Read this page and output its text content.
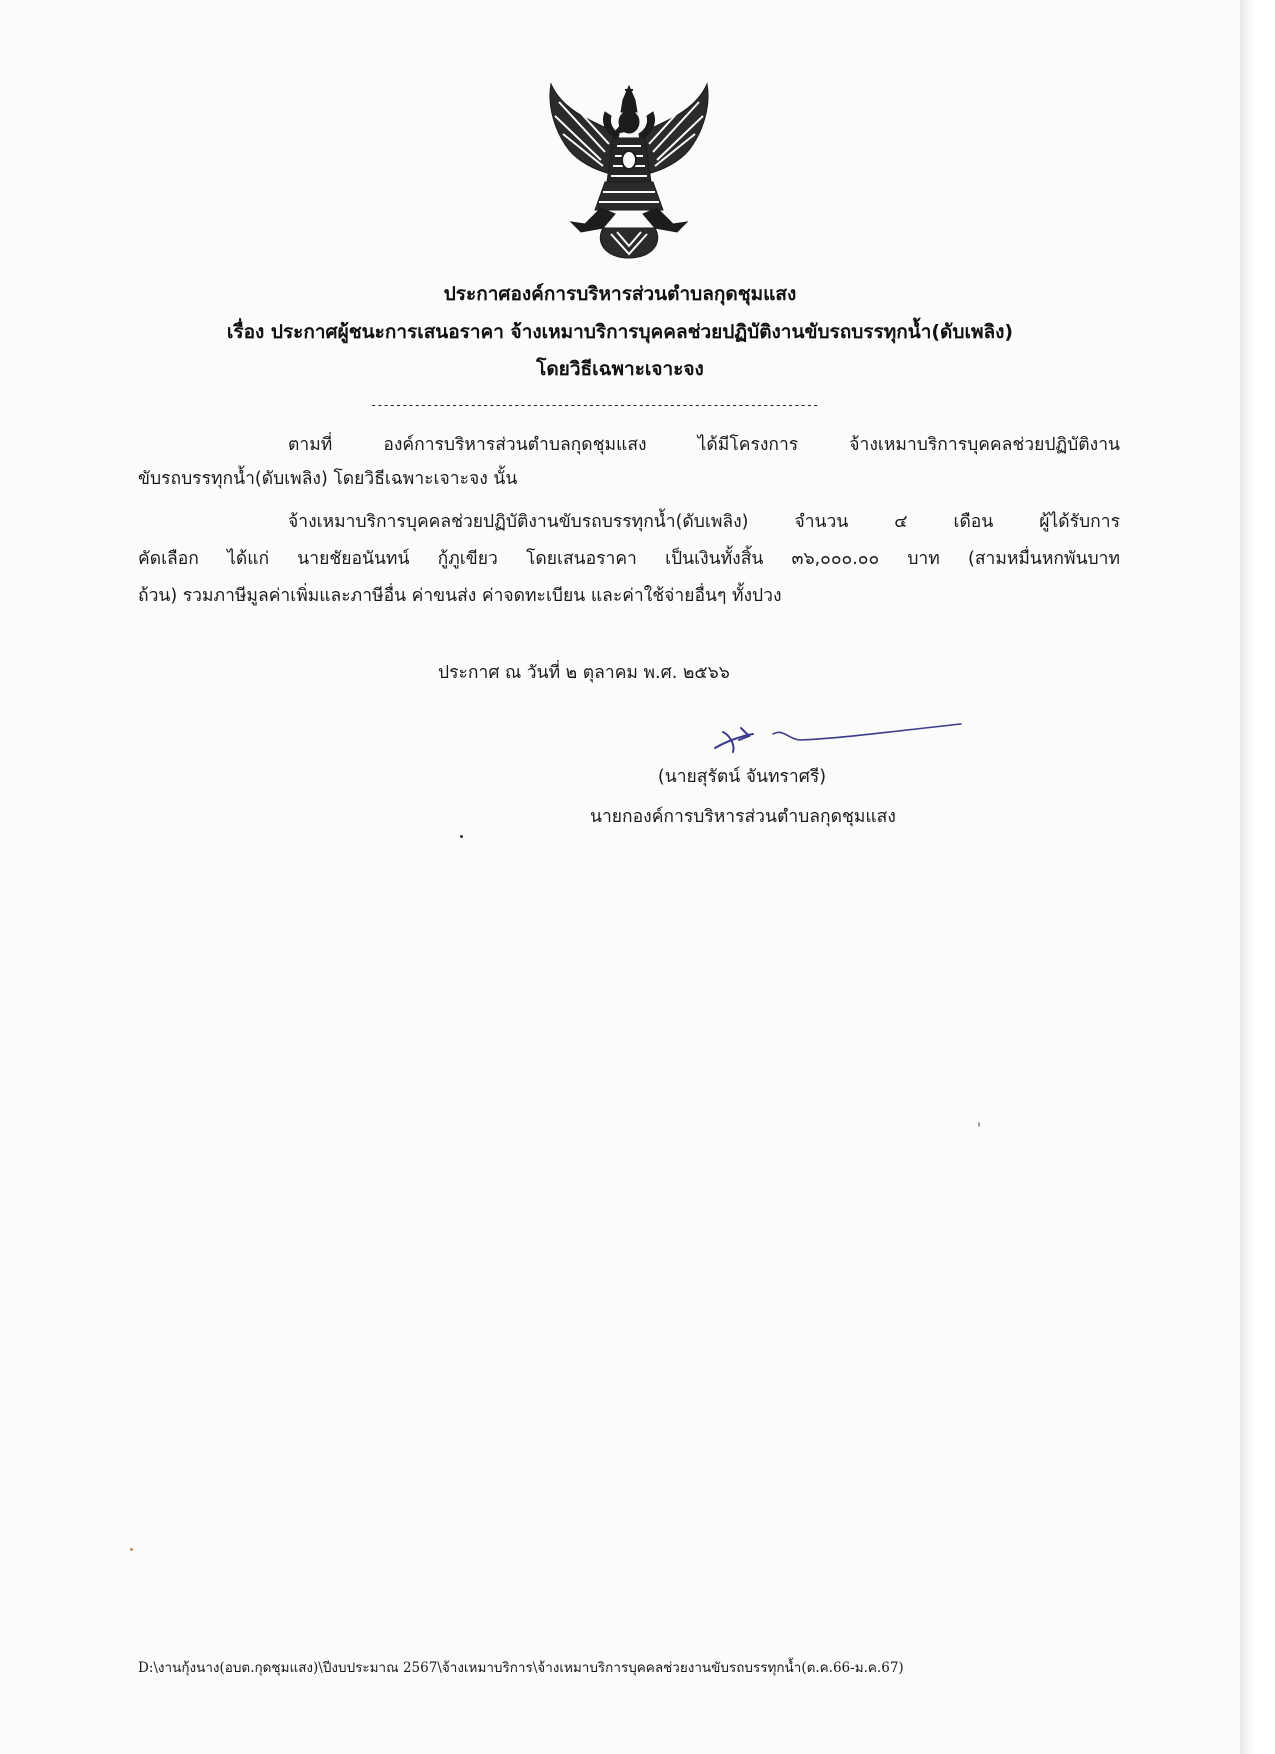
ประกาศองค์การบริหารส่วนตำบลกุดชุมแสง
เรื่อง ประกาศผู้ชนะการเสนอราคา จ้างเหมาบริการบุคคลช่วยปฏิบัติงานขับรถบรรทุกน้ำ(ดับเพลิง)
โดยวิธีเฉพาะเจาะจง
------------------------------------------------------------------------
ตามที่ องค์การบริหารส่วนตำบลกุดชุมแสง ได้มีโครงการ จ้างเหมาบริการบุคคลช่วยปฏิบัติงาน
ขับรถบรรทุกน้ำ(ดับเพลิง) โดยวิธีเฉพาะเจาะจง นั้น
จ้างเหมาบริการบุคคลช่วยปฏิบัติงานขับรถบรรทุกน้ำ(ดับเพลิง) จำนวน ๔ เดือน ผู้ได้รับการ
คัดเลือก ได้แก่ นายชัยอนันทน์ กู้ภูเขียว โดยเสนอราคา เป็นเงินทั้งสิ้น ๓๖,๐๐๐.๐๐ บาท (สามหมื่นหกพันบาท
ถ้วน) รวมภาษีมูลค่าเพิ่มและภาษีอื่น ค่าขนส่ง ค่าจดทะเบียน และค่าใช้จ่ายอื่นๆ ทั้งปวง
ประกาศ ณ วันที่ ๒ ตุลาคม พ.ศ. ๒๕๖๖
(นายสุรัตน์ จันทราศรี)
นายกองค์การบริหารส่วนตำบลกุดชุมแสง
D:\งานกุ้งนาง(อบต.กุดชุมแสง)\ปีงบประมาณ 2567\จ้างเหมาบริการ\จ้างเหมาบริการบุคคลช่วยงานขับรถบรรทุกน้ำ(ต.ค.66-ม.ค.67)
